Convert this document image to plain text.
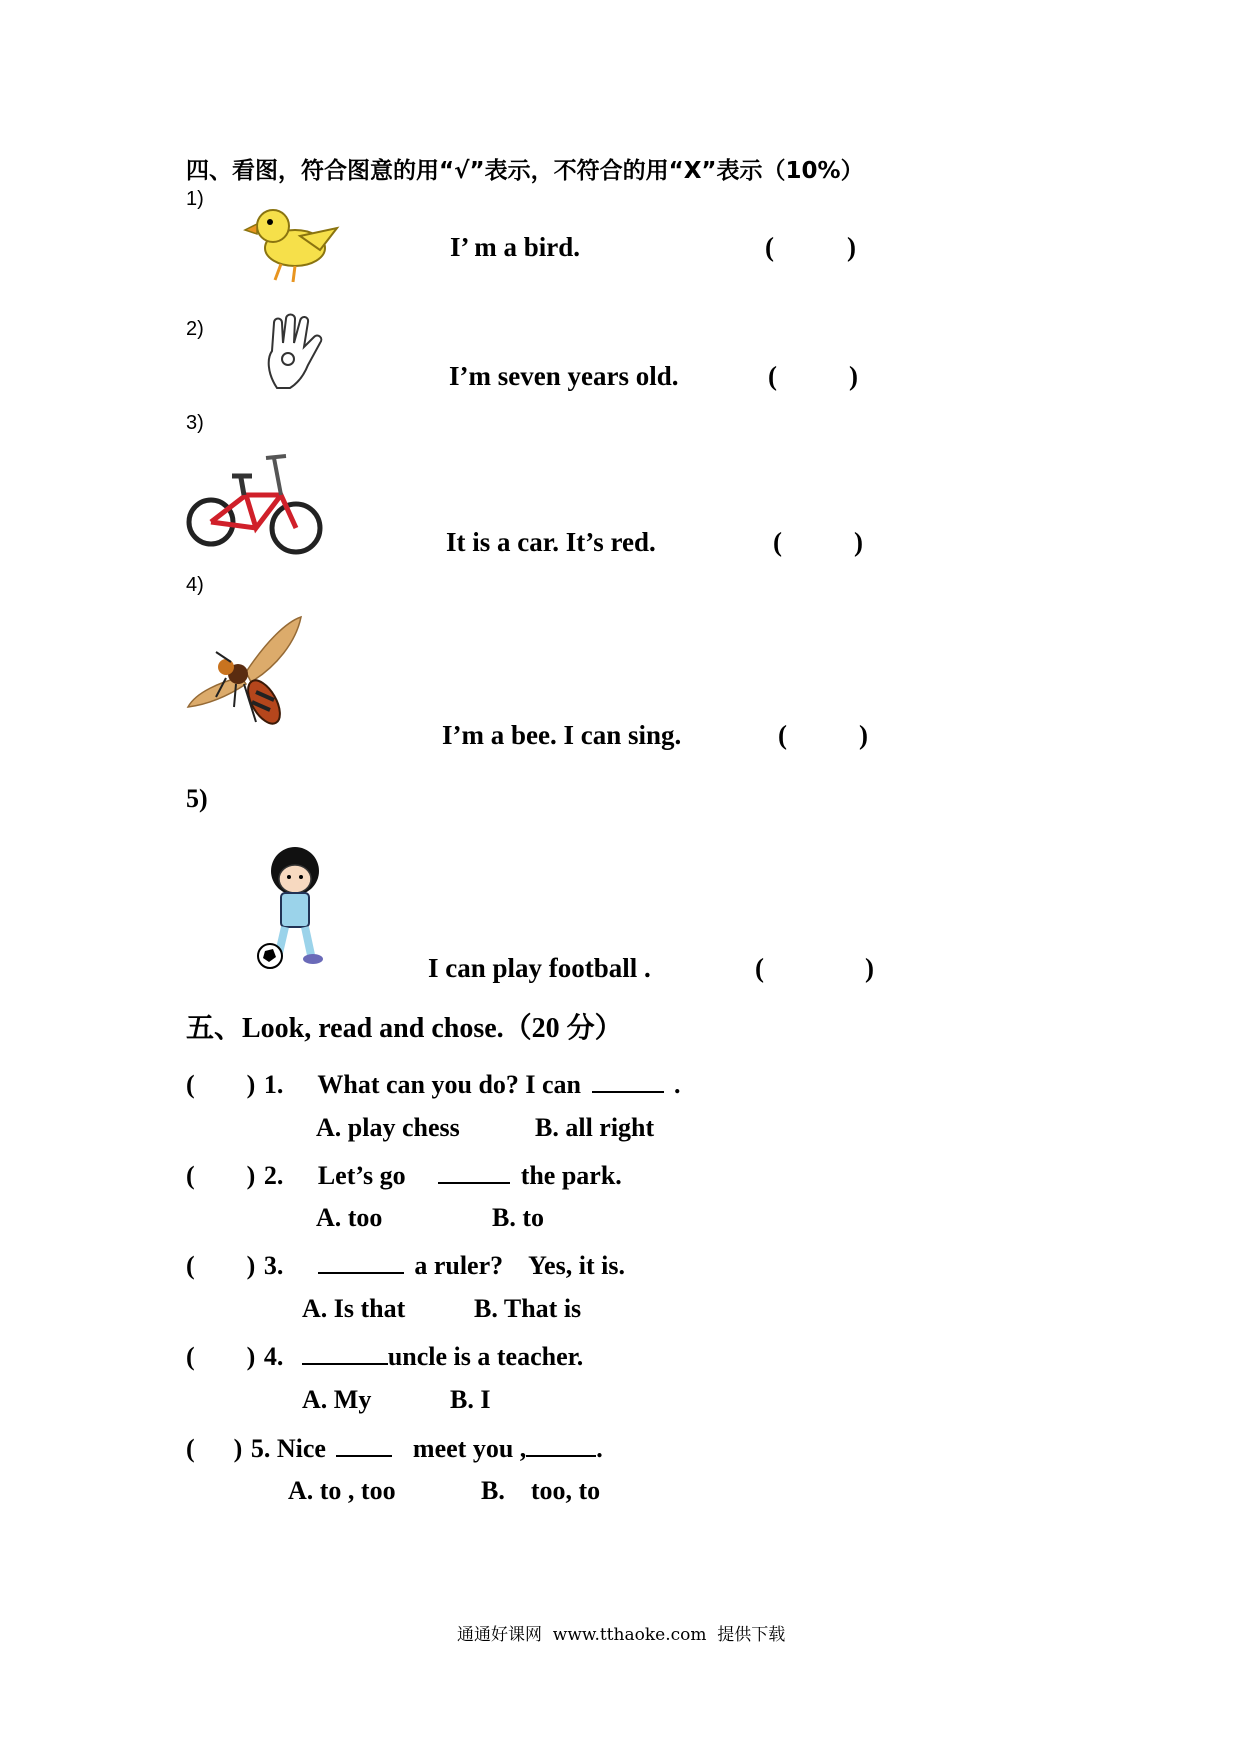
四、看图，符合图意的用“√”表示，不符合的用“X”表示（10%）
1)
I’ m a bird.	(	)
2)
I’m seven years old.	(	)
3)
It is a car. It’s red.	(	)
4)
I’m a bee. I can sing.	(	)
5)
I can play football .	(	)
五、Look, read and chose.（20 分）
(        ) 1. What can you do? I can	.
A. play chess	B. all right
(        ) 2. Let’s go	the park.
A. too	B. to
(        ) 3.	a ruler?    Yes, it is.
A. Is that	B. That is
(        ) 4.	uncle is a teacher.
A. My	B. I
(      ) 5. Nice	meet you ,	.
A. to , too	B.    too, to
通通好课网  www.tthaoke.com  提供下载
